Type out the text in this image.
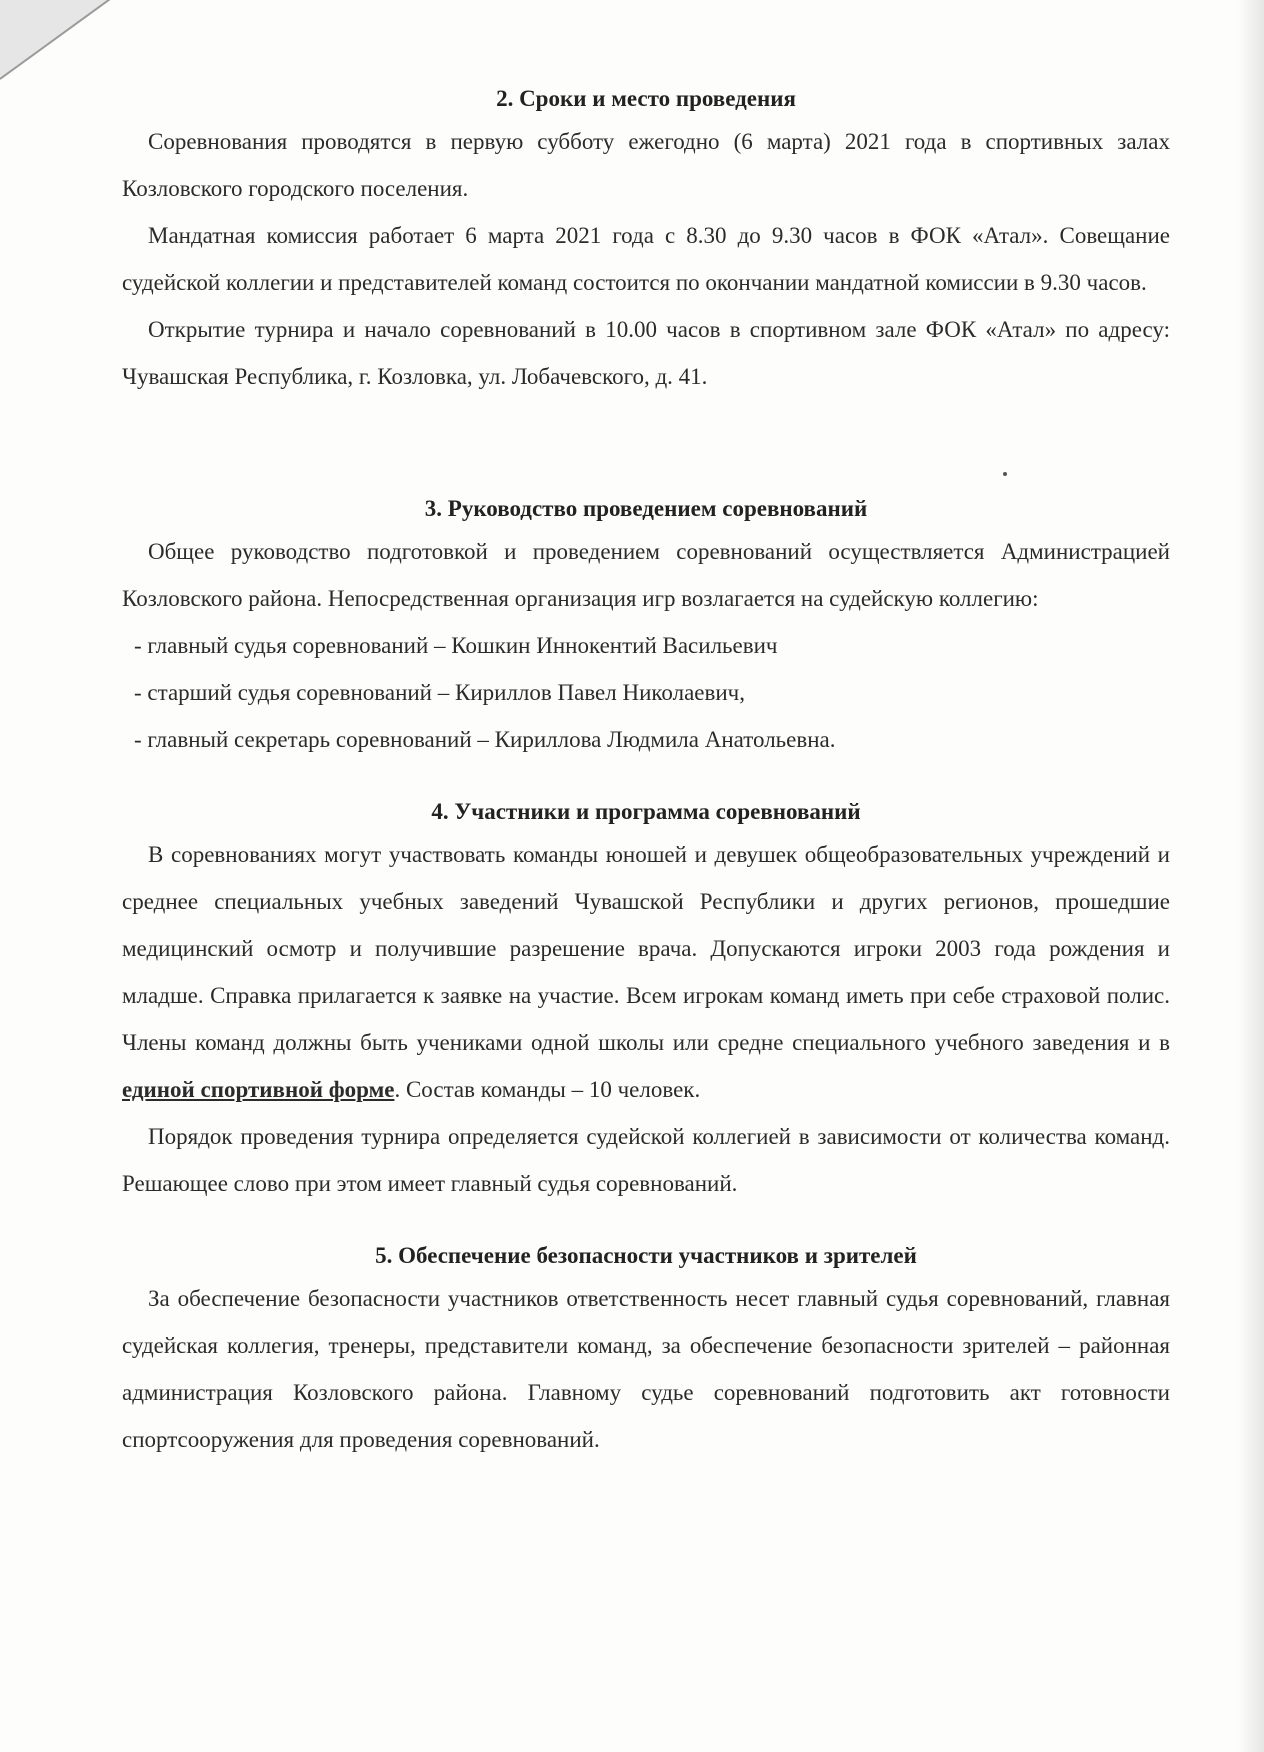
2. Сроки и место проведения

Соревнования проводятся в первую субботу ежегодно (6 марта) 2021 года в спортивных залах Козловского городского поселения.

Мандатная комиссия работает 6 марта 2021 года с 8.30 до 9.30 часов в ФОК «Атал». Совещание судейской коллегии и представителей команд состоится по окончании мандатной комиссии в 9.30 часов.

Открытие турнира и начало соревнований в 10.00 часов в спортивном зале ФОК «Атал» по адресу: Чувашская Республика, г. Козловка, ул. Лобачевского, д. 41.

3. Руководство проведением соревнований

Общее руководство подготовкой и проведением соревнований осуществляется Администрацией Козловского района. Непосредственная организация игр возлагается на судейскую коллегию:

- главный судья соревнований – Кошкин Иннокентий Васильевич

- старший судья соревнований – Кириллов Павел Николаевич,

- главный секретарь соревнований – Кириллова Людмила Анатольевна.

4. Участники и программа соревнований

В соревнованиях могут участвовать команды юношей и девушек общеобразовательных учреждений и среднее специальных учебных заведений Чувашской Республики и других регионов, прошедшие медицинский осмотр и получившие разрешение врача. Допускаются игроки 2003 года рождения и младше. Справка прилагается к заявке на участие. Всем игрокам команд иметь при себе страховой полис. Члены команд должны быть учениками одной школы или средне специального учебного заведения и в единой спортивной форме. Состав команды – 10 человек.

Порядок проведения турнира определяется судейской коллегией в зависимости от количества команд. Решающее слово при этом имеет главный судья соревнований.

5. Обеспечение безопасности участников и зрителей

За обеспечение безопасности участников ответственность несет главный судья соревнований, главная судейская коллегия, тренеры, представители команд, за обеспечение безопасности зрителей – районная администрация Козловского района. Главному судье соревнований подготовить акт готовности спортсооружения для проведения соревнований.
